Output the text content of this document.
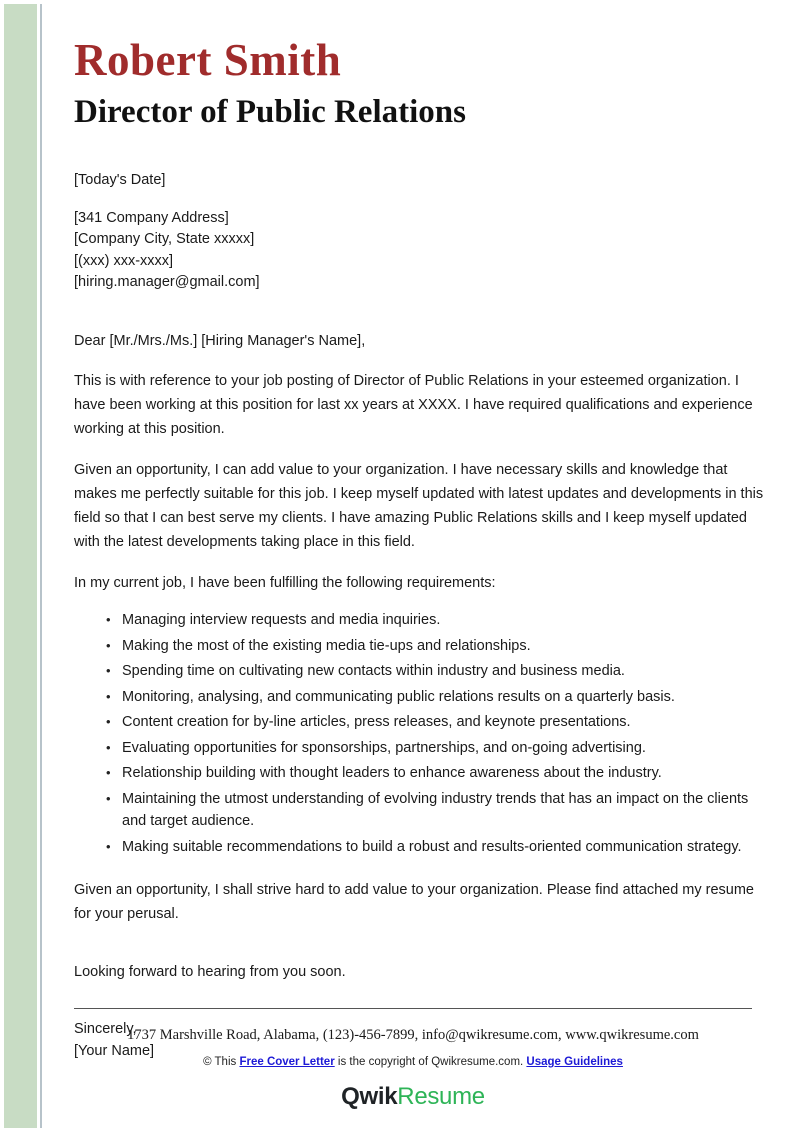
Robert Smith
Director of Public Relations
[Today's Date]
[341 Company Address]
[Company City, State xxxxx]
[(xxx) xxx-xxxx]
[hiring.manager@gmail.com]
Dear [Mr./Mrs./Ms.] [Hiring Manager's Name],

This is with reference to your job posting of Director of Public Relations in your esteemed organization. I have been working at this position for last xx years at XXXX. I have required qualifications and experience working at this position.

Given an opportunity, I can add value to your organization. I have necessary skills and knowledge that makes me perfectly suitable for this job. I keep myself updated with latest updates and developments in this field so that I can best serve my clients. I have amazing Public Relations skills and I keep myself updated with the latest developments taking place in this field.

In my current job, I have been fulfilling the following requirements:

• Managing interview requests and media inquiries.
• Making the most of the existing media tie-ups and relationships.
• Spending time on cultivating new contacts within industry and business media.
• Monitoring, analysing, and communicating public relations results on a quarterly basis.
• Content creation for by-line articles, press releases, and keynote presentations.
• Evaluating opportunities for sponsorships, partnerships, and on-going advertising.
• Relationship building with thought leaders to enhance awareness about the industry.
• Maintaining the utmost understanding of evolving industry trends that has an impact on the clients and target audience.
• Making suitable recommendations to build a robust and results-oriented communication strategy.

Given an opportunity, I shall strive hard to add value to your organization. Please find attached my resume for your perusal.

Looking forward to hearing from you soon.

Sincerely,
[Your Name]
1737 Marshville Road, Alabama, (123)-456-7899, info@qwikresume.com, www.qwikresume.com
© This Free Cover Letter is the copyright of Qwikresume.com. Usage Guidelines
QwikResume
